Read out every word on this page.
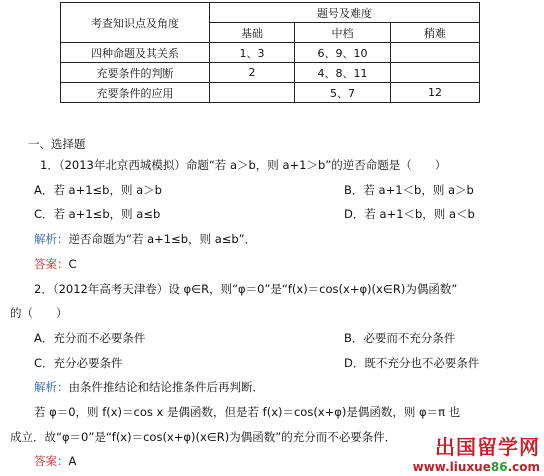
考查知识点及角度	题号及难度		
	基础	中档	稍难
四种命题及其关系	1、3	6、9、10	
充要条件的判断	2	4、8、11	
充要条件的应用		5、7	12
一、选择题
1．（2013年北京西城模拟）命题“若 a＞b，则 a+1＞b”的逆否命题是（　　）
A．若 a+1≤b，则 a＞b	B．若 a+1＜b，则 a＞b
C．若 a+1≤b，则 a≤b	D．若 a+1＜b，则 a＜b
解析：逆否命题为“若 a+1≤b，则 a≤b”．
答案：C
2．（2012年高考天津卷）设 φ∈R，则“φ＝0”是“f(x)＝cos(x+φ)(x∈R)为偶函数”
的（　　）
A．充分而不必要条件	B．必要而不充分条件
C．充分必要条件	D．既不充分也不必要条件
解析：由条件推结论和结论推条件后再判断．
若 φ＝0，则 f(x)＝cos x 是偶函数，但是若 f(x)＝cos(x+φ)是偶函数，则 φ＝π 也
成立．故“φ＝0”是“f(x)＝cos(x+φ)(x∈R)为偶函数”的充分而不必要条件．
答案：A
出国留学网
www.liuxue86.com
